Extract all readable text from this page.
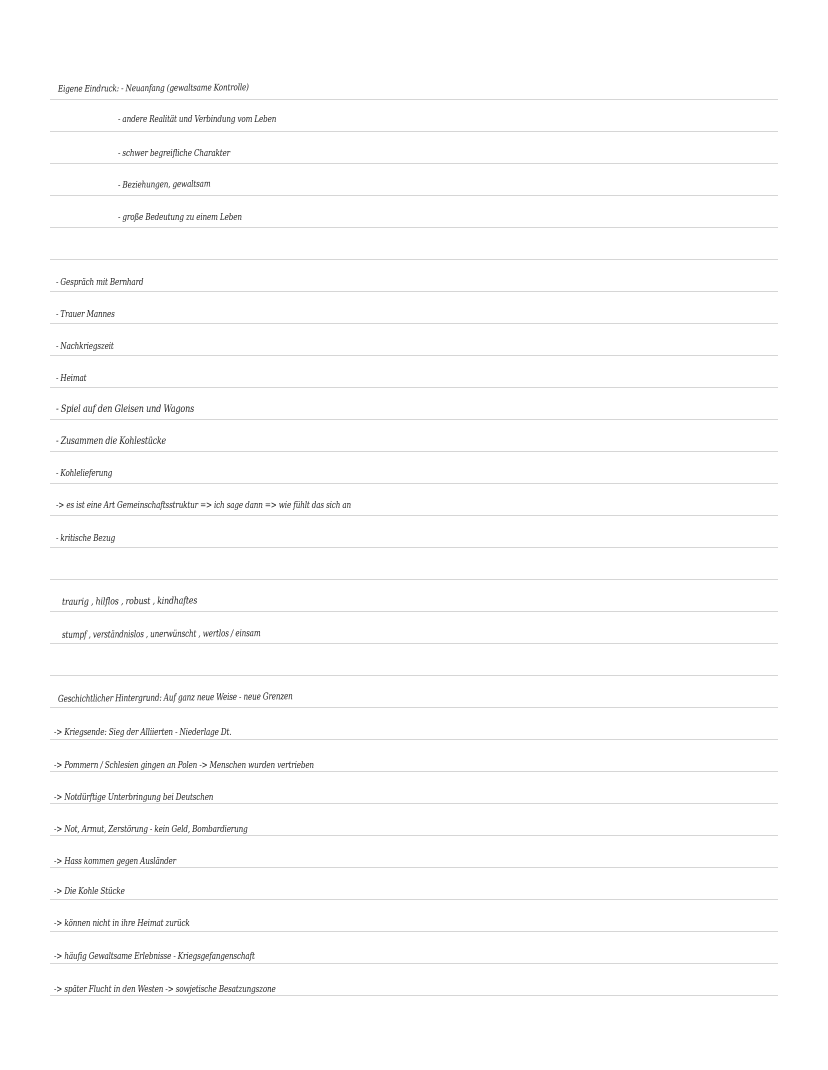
Eigene Eindruck: - Neuanfang (gewaltsame Kontrolle)
- andere Realität und Verbindung vom Leben
- schwer begreifliche Charakter
- Beziehungen, gewaltsam
- große Bedeutung zu einem Leben
- Gespräch mit Bernhard
- Trauer Mannes
- Nachkriegszeit
- Heimat
- Spiel auf den Gleisen und Wagons
- Zusammen die Kohlestücke
- Kohlelieferung
-> es ist eine Art Gemeinschaftsstruktur => ich sage dann => wie fühlt das sich an
- kritische Bezug
traurig , hilflos , robust , kindhaftes
stumpf , verständnislos , unerwünscht , wertlos / einsam
Geschichtlicher Hintergrund: Auf ganz neue Weise - neue Grenzen
-> Kriegsende: Sieg der Alliierten - Niederlage Dt.
-> Pommern / Schlesien gingen an Polen -> Menschen wurden vertrieben
-> Notdürftige Unterbringung bei Deutschen
-> Not, Armut, Zerstörung - kein Geld, Bombardierung
-> Hass kommen gegen Ausländer
-> Die Kohle Stücke
-> können nicht in ihre Heimat zurück
-> häufig Gewaltsame Erlebnisse - Kriegsgefangenschaft
-> später Flucht in den Westen -> sowjetische Besatzungszone
